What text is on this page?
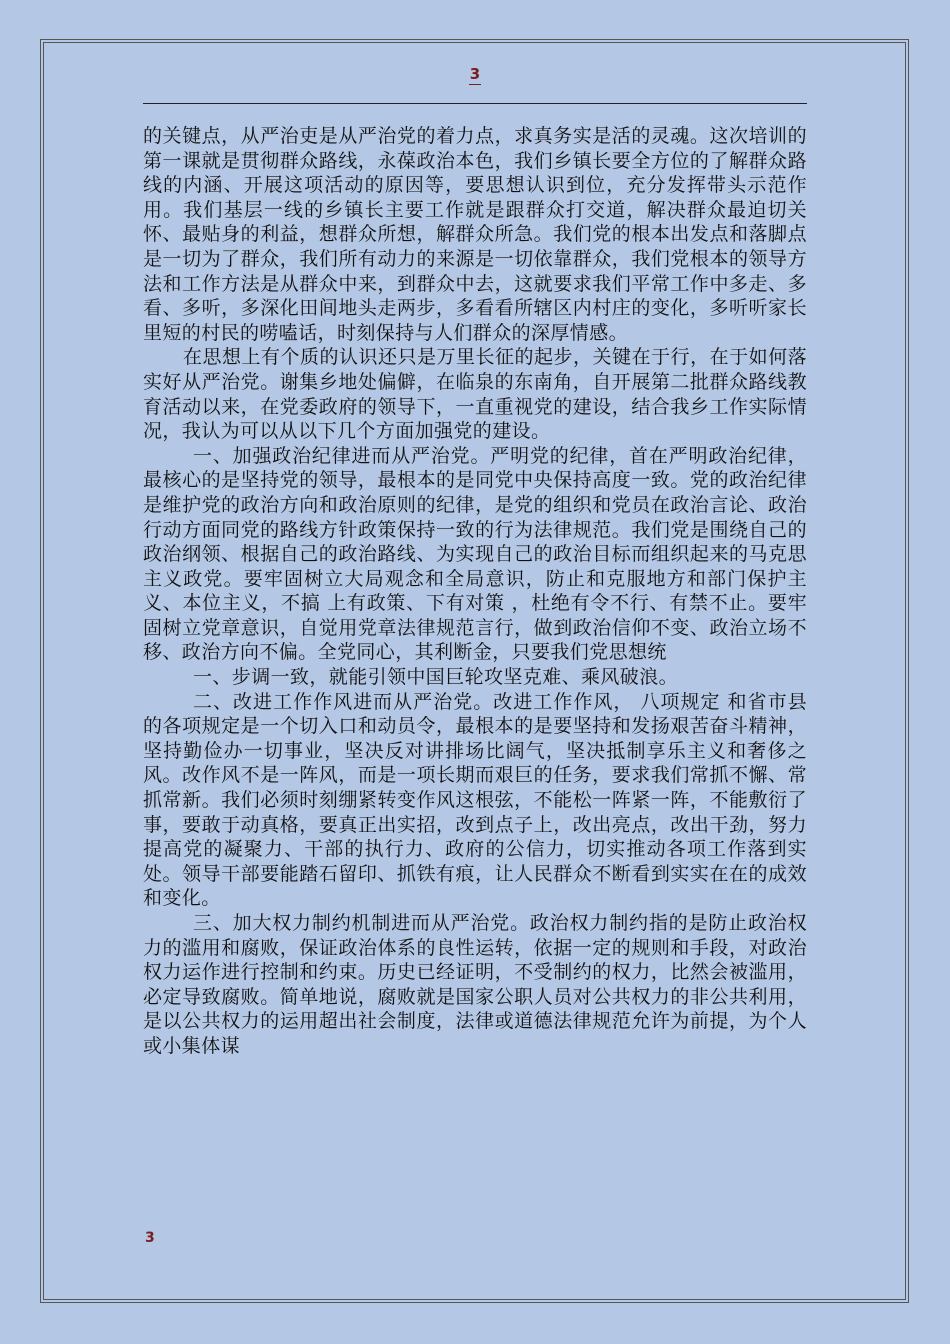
3

的关键点，从严治吏是从严治党的着力点，求真务实是活的灵魂。这次培训的第一课就是贯彻群众路线，永葆政治本色，我们乡镇长要全方位的了解群众路线的内涵、开展这项活动的原因等，要思想认识到位，充分发挥带头示范作用。我们基层一线的乡镇长主要工作就是跟群众打交道，解决群众最迫切关怀、最贴身的利益，想群众所想，解群众所急。我们党的根本出发点和落脚点是一切为了群众，我们所有动力的来源是一切依靠群众，我们党根本的领导方法和工作方法是从群众中来，到群众中去，这就要求我们平常工作中多走、多看、多听，多深化田间地头走两步，多看看所辖区内村庄的变化，多听听家长里短的村民的唠嗑话，时刻保持与人们群众的深厚情感。

在思想上有个质的认识还只是万里长征的起步，关键在于行，在于如何落实好从严治党。谢集乡地处偏僻，在临泉的东南角，自开展第二批群众路线教育活动以来，在党委政府的领导下，一直重视党的建设，结合我乡工作实际情况，我认为可以从以下几个方面加强党的建设。

一、加强政治纪律进而从严治党。严明党的纪律，首在严明政治纪律，最核心的是坚持党的领导，最根本的是同党中央保持高度一致。党的政治纪律是维护党的政治方向和政治原则的纪律，是党的组织和党员在政治言论、政治行动方面同党的路线方针政策保持一致的行为法律规范。我们党是围绕自己的政治纲领、根据自己的政治路线、为实现自己的政治目标而组织起来的马克思主义政党。要牢固树立大局观念和全局意识，防止和克服地方和部门保护主义、本位主义，不搞 上有政策、下有对策 ，杜绝有令不行、有禁不止。要牢固树立党章意识，自觉用党章法律规范言行，做到政治信仰不变、政治立场不移、政治方向不偏。全党同心，其利断金，只要我们党思想统

一、步调一致，就能引领中国巨轮攻坚克难、乘风破浪。

二、改进工作作风进而从严治党。改进工作作风， 八项规定 和省市县的各项规定是一个切入口和动员令，最根本的是要坚持和发扬艰苦奋斗精神，坚持勤俭办一切事业，坚决反对讲排场比阔气，坚决抵制享乐主义和奢侈之风。改作风不是一阵风，而是一项长期而艰巨的任务，要求我们常抓不懈、常抓常新。我们必须时刻绷紧转变作风这根弦，不能松一阵紧一阵，不能敷衍了事，要敢于动真格，要真正出实招，改到点子上，改出亮点，改出干劲，努力提高党的凝聚力、干部的执行力、政府的公信力，切实推动各项工作落到实处。领导干部要能踏石留印、抓铁有痕，让人民群众不断看到实实在在的成效和变化。

三、加大权力制约机制进而从严治党。政治权力制约指的是防止政治权力的滥用和腐败，保证政治体系的良性运转，依据一定的规则和手段，对政治权力运作进行控制和约束。历史已经证明，不受制约的权力，比然会被滥用，必定导致腐败。简单地说，腐败就是国家公职人员对公共权力的非公共利用，是以公共权力的运用超出社会制度，法律或道德法律规范允许为前提，为个人或小集体谋

3
